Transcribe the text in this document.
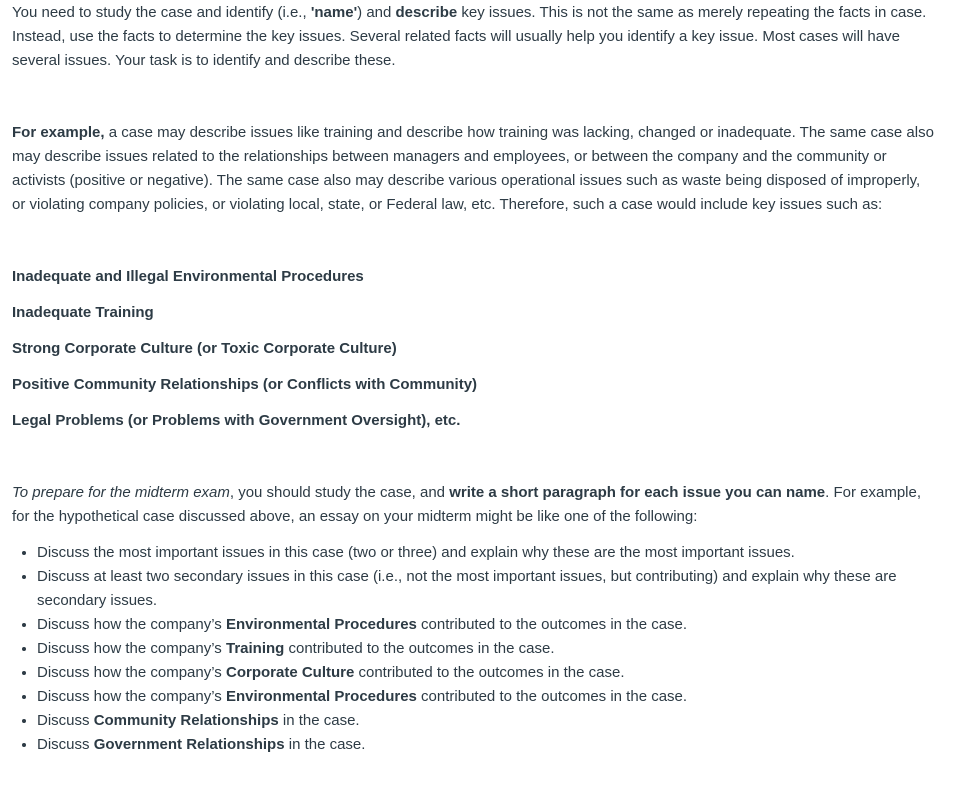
You need to study the case and identify (i.e., 'name') and describe key issues. This is not the same as merely repeating the facts in case. Instead, use the facts to determine the key issues. Several related facts will usually help you identify a key issue. Most cases will have several issues. Your task is to identify and describe these.

For example, a case may describe issues like training and describe how training was lacking, changed or inadequate. The same case also may describe issues related to the relationships between managers and employees, or between the company and the community or activists (positive or negative). The same case also may describe various operational issues such as waste being disposed of improperly, or violating company policies, or violating local, state, or Federal law, etc. Therefore, such a case would include key issues such as:

Inadequate and Illegal Environmental Procedures

Inadequate Training

Strong Corporate Culture (or Toxic Corporate Culture)

Positive Community Relationships (or Conflicts with Community)

Legal Problems (or Problems with Government Oversight), etc.

To prepare for the midterm exam, you should study the case, and write a short paragraph for each issue you can name. For example, for the hypothetical case discussed above, an essay on your midterm might be like one of the following:

• Discuss the most important issues in this case (two or three) and explain why these are the most important issues.
• Discuss at least two secondary issues in this case (i.e., not the most important issues, but contributing) and explain why these are secondary issues.
• Discuss how the company’s Environmental Procedures contributed to the outcomes in the case.
• Discuss how the company’s Training contributed to the outcomes in the case.
• Discuss how the company’s Corporate Culture contributed to the outcomes in the case.
• Discuss how the company’s Environmental Procedures contributed to the outcomes in the case.
• Discuss Community Relationships in the case.
• Discuss Government Relationships in the case.
